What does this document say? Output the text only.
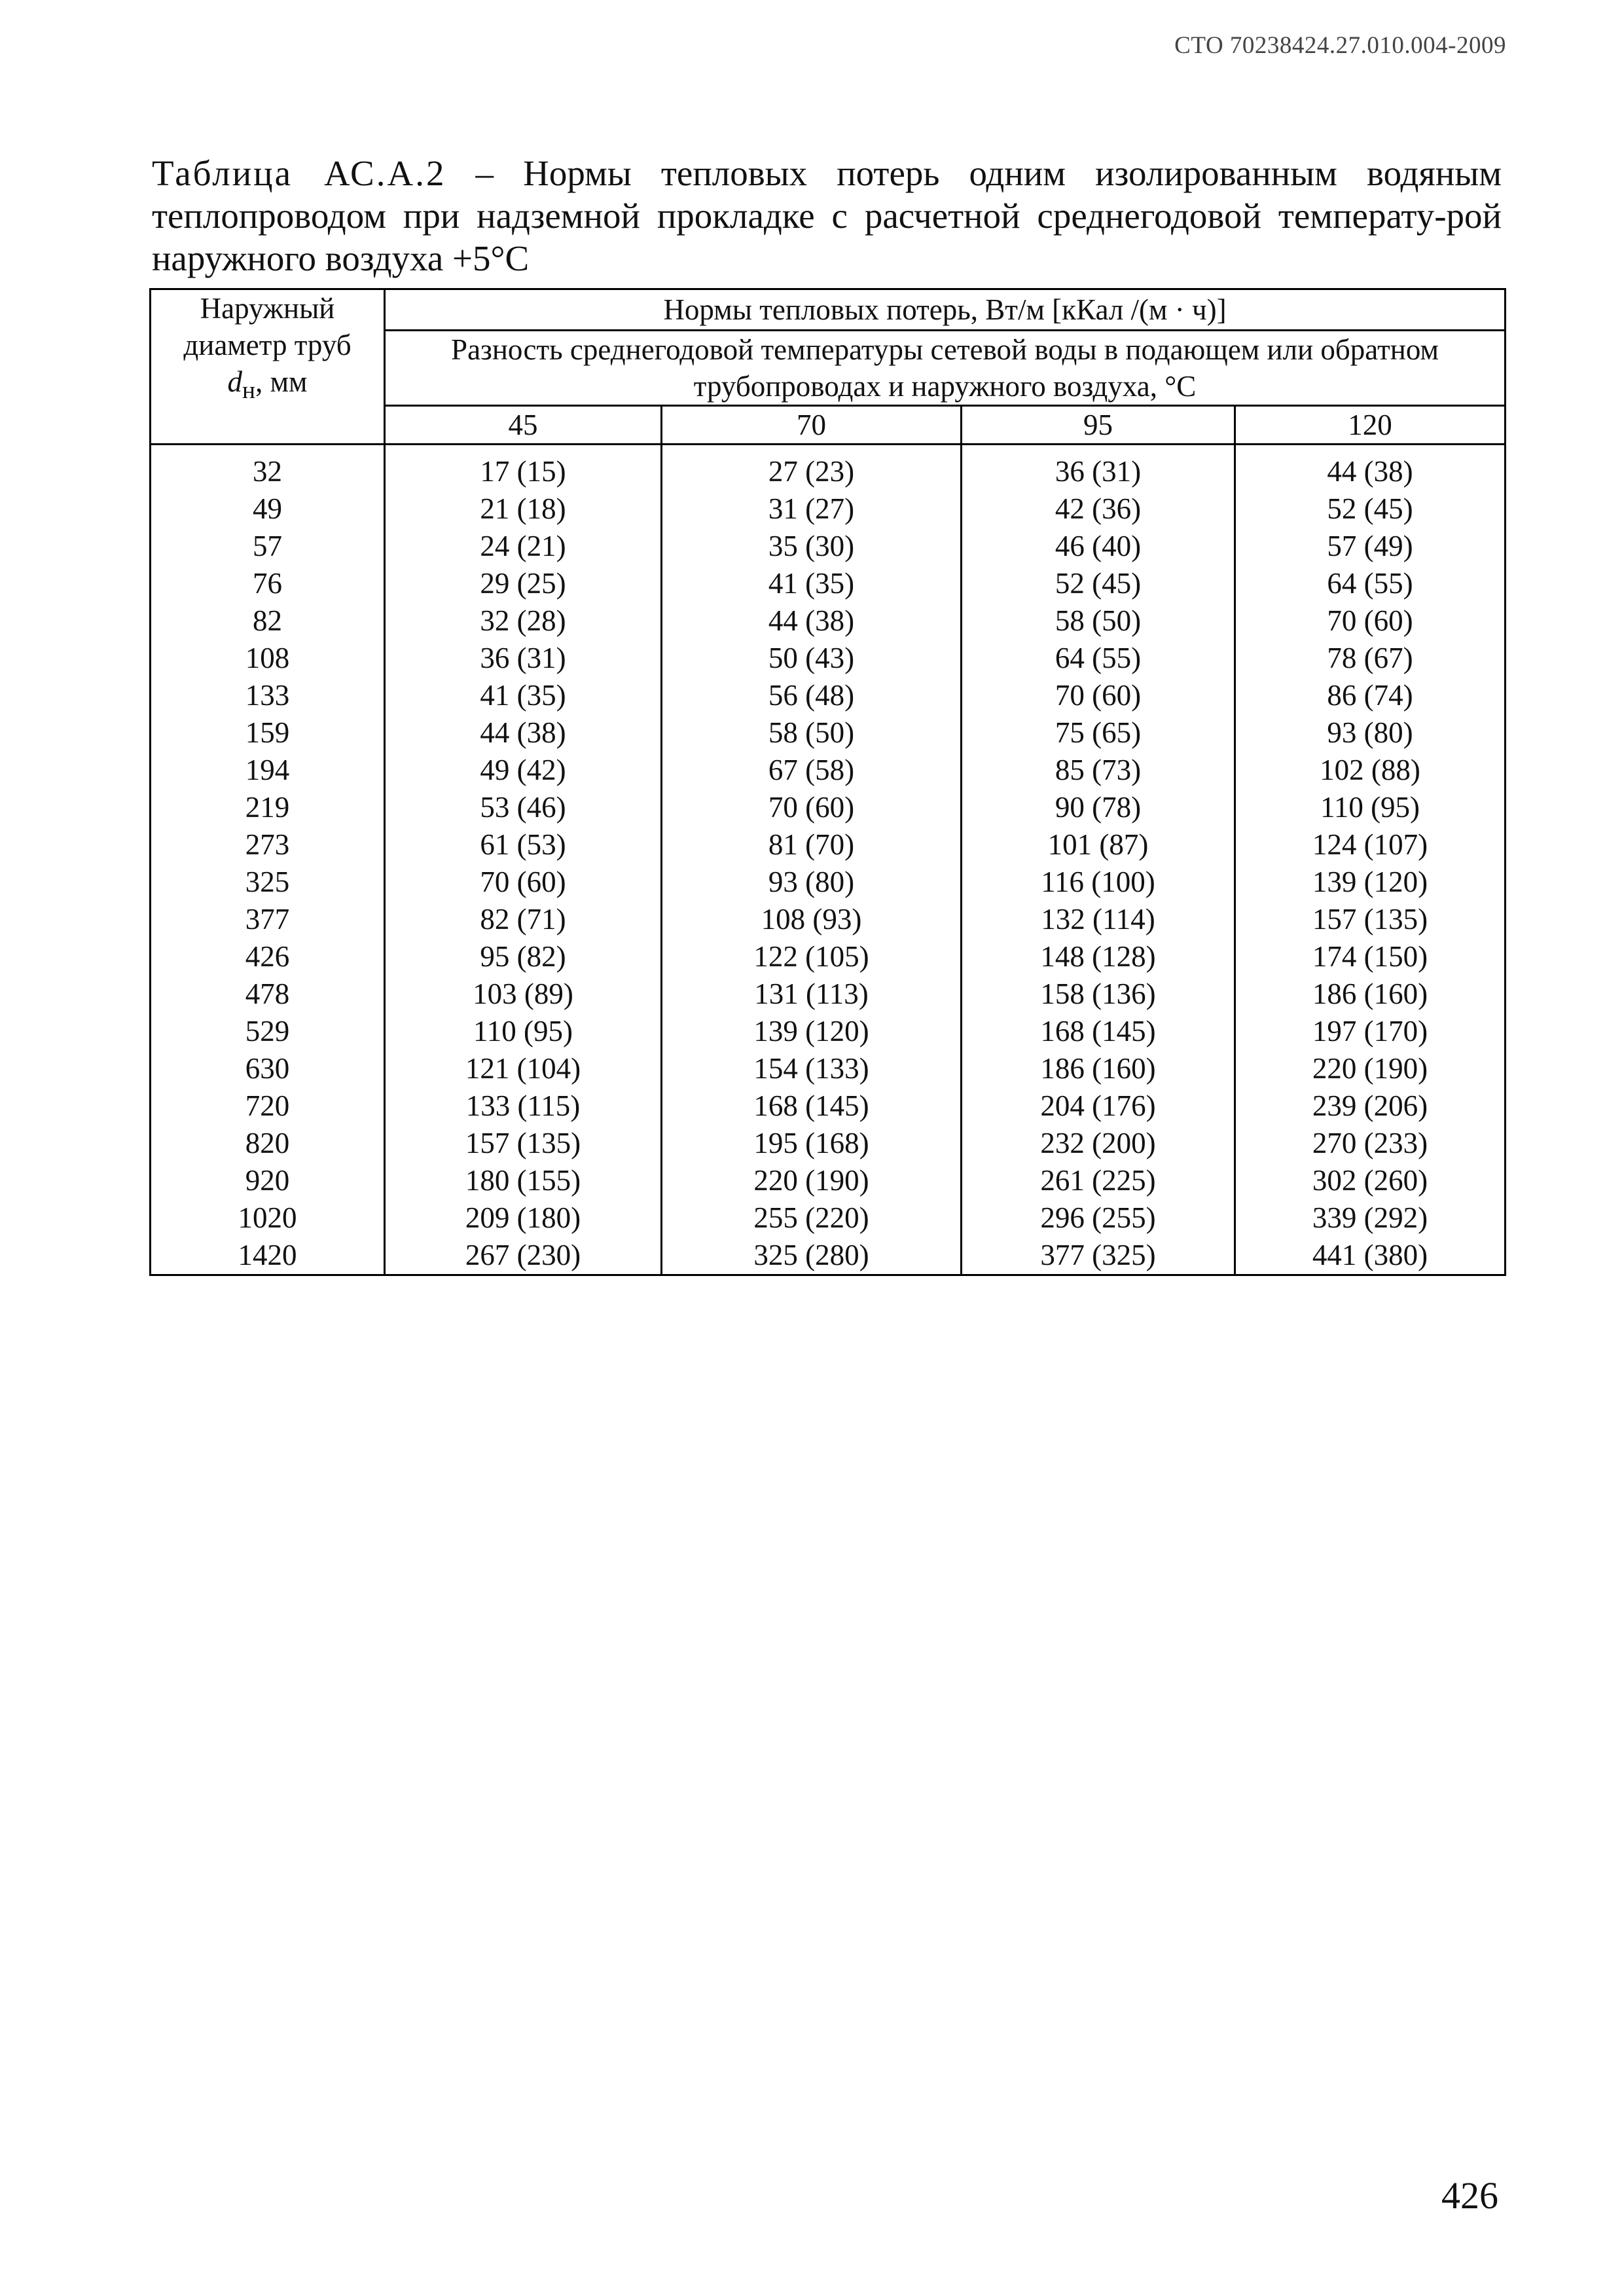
СТО 70238424.27.010.004-2009
Таблица АС.А.2 – Нормы тепловых потерь одним изолированным водяным теплопроводом при надземной прокладке с расчетной среднегодовой температу-рой наружного воздуха +5°С
Наружный
диаметр труб
$d_н$, мм	Нормы тепловых потерь, Вт/м [кКал /(м · ч)]			
	Разность среднегодовой температуры сетевой воды в подающем или обратном трубопроводах и наружного воздуха, °С			
	45	70	95	120

32	17 (15)	27 (23)	36 (31)	44 (38)
49	21 (18)	31 (27)	42 (36)	52 (45)
57	24 (21)	35 (30)	46 (40)	57 (49)
76	29 (25)	41 (35)	52 (45)	64 (55)
82	32 (28)	44 (38)	58 (50)	70 (60)
108	36 (31)	50 (43)	64 (55)	78 (67)
133	41 (35)	56 (48)	70 (60)	86 (74)
159	44 (38)	58 (50)	75 (65)	93 (80)
194	49 (42)	67 (58)	85 (73)	102 (88)
219	53 (46)	70 (60)	90 (78)	110 (95)
273	61 (53)	81 (70)	101 (87)	124 (107)
325	70 (60)	93 (80)	116 (100)	139 (120)
377	82 (71)	108 (93)	132 (114)	157 (135)
426	95 (82)	122 (105)	148 (128)	174 (150)
478	103 (89)	131 (113)	158 (136)	186 (160)
529	110 (95)	139 (120)	168 (145)	197 (170)
630	121 (104)	154 (133)	186 (160)	220 (190)
720	133 (115)	168 (145)	204 (176)	239 (206)
820	157 (135)	195 (168)	232 (200)	270 (233)
920	180 (155)	220 (190)	261 (225)	302 (260)
1020	209 (180)	255 (220)	296 (255)	339 (292)
1420	267 (230)	325 (280)	377 (325)	441 (380)
426
